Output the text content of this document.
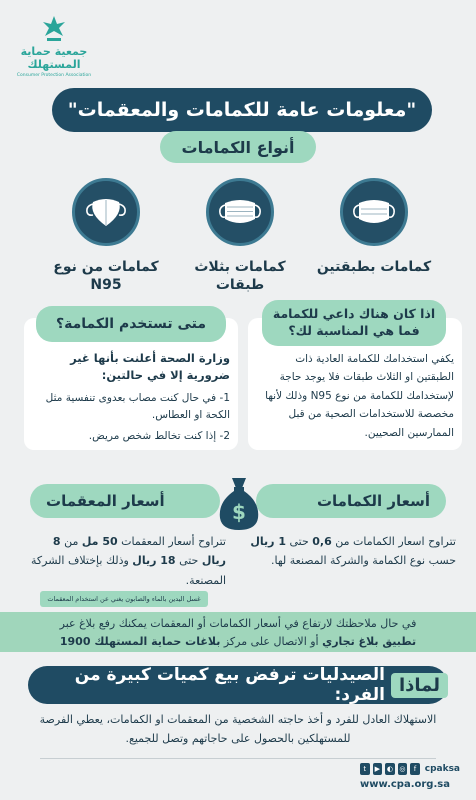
جمعية حماية
المستهلك
Consumer Protection Association
"معلومات عامة للكمامات والمعقمات"
أنواع الكمامات
كمامات بطبقتين
كمامات بثلاث طبقات
كمامات من نوع N95
اذا كان هناك داعي للكمامة
فما هي المناسبة لك؟
يكفي استخدامك للكمامة العادية ذات الطبقتين او الثلاث طبقات فلا يوجد حاجة لإستخدامك للكمامة من نوع N95 وذلك لأنها مخصصة للاستخدامات الصحية من قبل الممارسين الصحيين.
متى تستخدم الكمامة؟
وزارة الصحة أعلنت بأنها غير ضرورية إلا في حالتين:
1- في حال كنت مصاب بعدوى تنفسية مثل الكحة او العطاس.
2- إذا كنت تخالط شخص مريض.
أسعار الكمامات
أسعار المعقمات	$
تتراوح اسعار الكمامات من 0,6 حتى 1 ريال حسب نوع الكمامة والشركة المصنعة لها.
تتراوح أسعار المعقمات 50 مل من 8 ريال حتى 18 ريال وذلك بإختلاف الشركة المصنعة.
غسل اليدين بالماء والصابون يغني عن استخدام المعقمات
في حال ملاحظتك لارتفاع في أسعار الكمامات أو المعقمات يمكنك رفع بلاغ عبر
تطبيق بلاغ تجاري أو الاتصال على مركز بلاغات حماية المستهلك 1900
لماذا
الصيدليات ترفض بيع كميات كبيرة من الفرد:
الاستهلاك العادل للفرد و أخذ حاجته الشخصية من المعقمات او الكمامات، يعطي الفرصة للمستهلكين بالحصول على حاجاتهم وتصل للجميع.
t	▶ ◐ ◎	f cpaksa
www.cpa.org.sa
